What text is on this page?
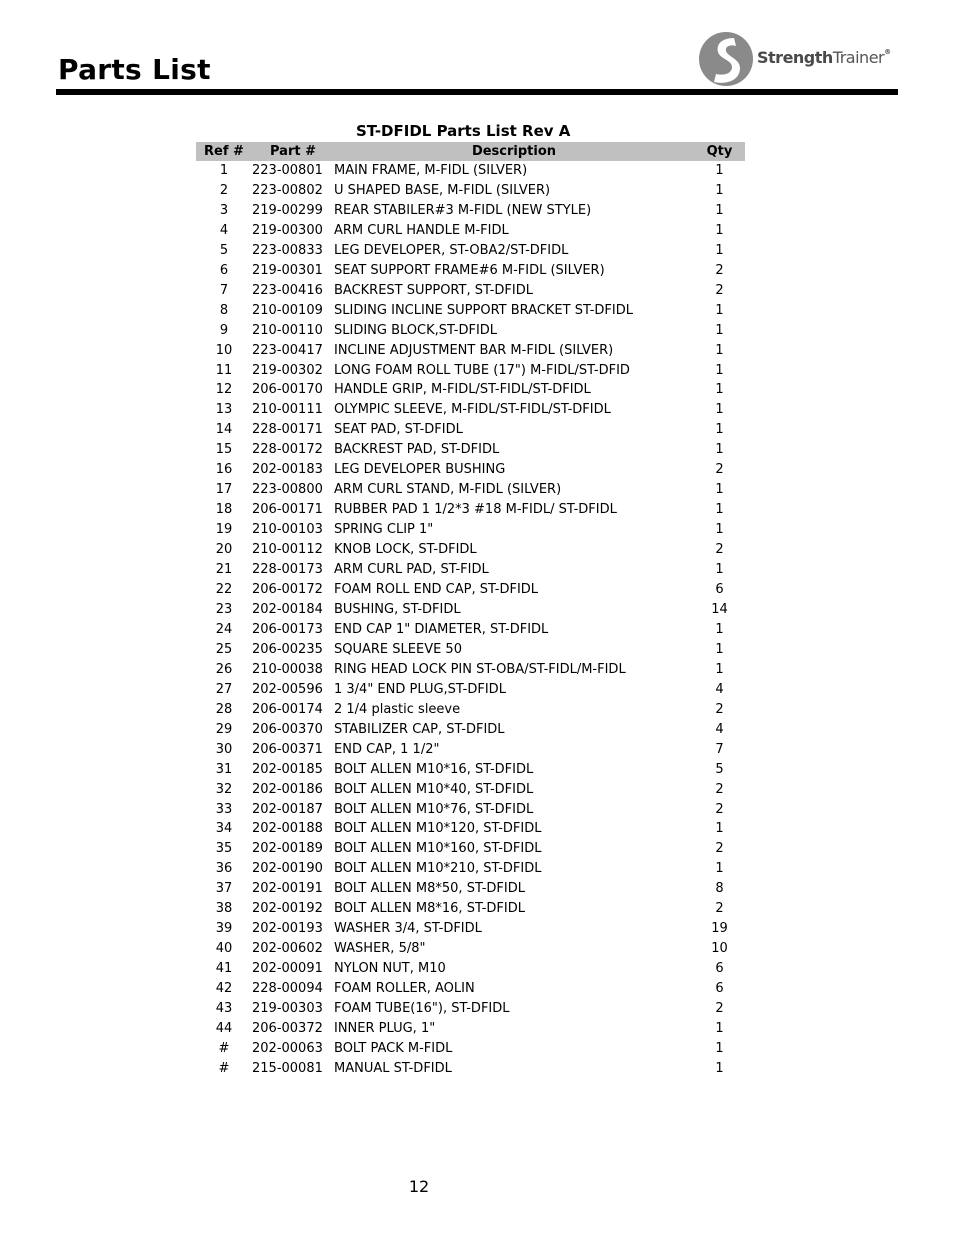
Parts List	StrengthTrainer®
ST-DFIDL Parts List Rev A
Ref #	Part #	Description	Qty
1	223-00801	MAIN FRAME, M-FIDL (SILVER)	1
2	223-00802	U SHAPED BASE, M-FIDL (SILVER)	1
3	219-00299	REAR STABILER#3 M-FIDL (NEW STYLE)	1
4	219-00300	ARM CURL HANDLE M-FIDL	1
5	223-00833	LEG DEVELOPER, ST-OBA2/ST-DFIDL	1
6	219-00301	SEAT SUPPORT FRAME#6 M-FIDL (SILVER)	2
7	223-00416	BACKREST SUPPORT, ST-DFIDL	2
8	210-00109	SLIDING INCLINE SUPPORT BRACKET ST-DFIDL	1
9	210-00110	SLIDING BLOCK,ST-DFIDL	1
10	223-00417	INCLINE ADJUSTMENT BAR M-FIDL (SILVER)	1
11	219-00302	LONG FOAM ROLL TUBE (17") M-FIDL/ST-DFID	1
12	206-00170	HANDLE GRIP, M-FIDL/ST-FIDL/ST-DFIDL	1
13	210-00111	OLYMPIC SLEEVE, M-FIDL/ST-FIDL/ST-DFIDL	1
14	228-00171	SEAT PAD, ST-DFIDL	1
15	228-00172	BACKREST PAD, ST-DFIDL	1
16	202-00183	LEG DEVELOPER BUSHING	2
17	223-00800	ARM CURL STAND, M-FIDL (SILVER)	1
18	206-00171	RUBBER PAD 1 1/2*3 #18 M-FIDL/ ST-DFIDL	1
19	210-00103	SPRING CLIP 1"	1
20	210-00112	KNOB LOCK, ST-DFIDL	2
21	228-00173	ARM CURL PAD, ST-FIDL	1
22	206-00172	FOAM ROLL END CAP, ST-DFIDL	6
23	202-00184	BUSHING, ST-DFIDL	14
24	206-00173	END CAP 1" DIAMETER, ST-DFIDL	1
25	206-00235	SQUARE SLEEVE 50	1
26	210-00038	RING HEAD LOCK PIN ST-OBA/ST-FIDL/M-FIDL	1
27	202-00596	1 3/4" END PLUG,ST-DFIDL	4
28	206-00174	2 1/4 plastic sleeve	2
29	206-00370	STABILIZER CAP, ST-DFIDL	4
30	206-00371	END CAP, 1 1/2"	7
31	202-00185	BOLT ALLEN M10*16, ST-DFIDL	5
32	202-00186	BOLT ALLEN M10*40, ST-DFIDL	2
33	202-00187	BOLT ALLEN M10*76, ST-DFIDL	2
34	202-00188	BOLT ALLEN M10*120, ST-DFIDL	1
35	202-00189	BOLT ALLEN M10*160, ST-DFIDL	2
36	202-00190	BOLT ALLEN M10*210, ST-DFIDL	1
37	202-00191	BOLT ALLEN M8*50, ST-DFIDL	8
38	202-00192	BOLT ALLEN M8*16, ST-DFIDL	2
39	202-00193	WASHER 3/4, ST-DFIDL	19
40	202-00602	WASHER, 5/8"	10
41	202-00091	NYLON NUT, M10	6
42	228-00094	FOAM ROLLER, AOLIN	6
43	219-00303	FOAM TUBE(16"), ST-DFIDL	2
44	206-00372	INNER PLUG, 1"	1
#	202-00063	BOLT PACK M-FIDL	1
#	215-00081	MANUAL ST-DFIDL	1
12
